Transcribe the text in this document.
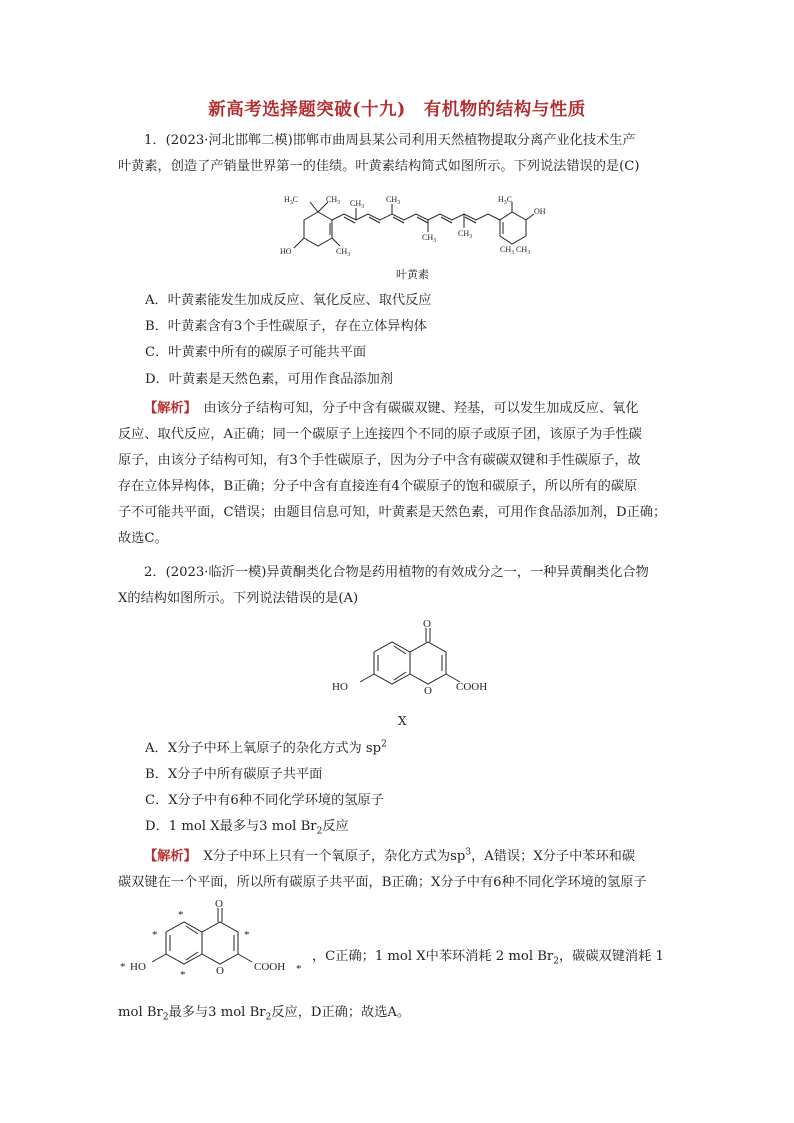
新高考选择题突破(十九)　有机物的结构与性质
1．(2023·河北邯郸二模)邯郸市曲周县某公司利用天然植物提取分离产业化技术生产
叶黄素，创造了产销量世界第一的佳绩。叶黄素结构简式如图所示。下列说法错误的是(C)
$H_3C$	$CH_3$ $CH_3$
$CH_3$
$CH_3$
$CH_3$
$H_3C$
OH
HO	$CH_3$
$CH_3$ $CH_3$
叶黄素
A．叶黄素能发生加成反应、氧化反应、取代反应
B．叶黄素含有3个手性碳原子，存在立体异构体
C．叶黄素中所有的碳原子可能共平面
D．叶黄素是天然色素，可用作食品添加剂
【解析】　由该分子结构可知，分子中含有碳碳双键、羟基，可以发生加成反应、氧化
反应、取代反应，A正确；同一个碳原子上连接四个不同的原子或原子团，该原子为手性碳
原子，由该分子结构可知，有3个手性碳原子，因为分子中含有碳碳双键和手性碳原子，故
存在立体异构体，B正确；分子中含有直接连有4个碳原子的饱和碳原子，所以所有的碳原
子不可能共平面，C错误；由题目信息可知，叶黄素是天然色素，可用作食品添加剂，D正确；
故选C。
2．(2023·临沂一模)异黄酮类化合物是药用植物的有效成分之一，一种异黄酮类化合物
X的结构如图所示。下列说法错误的是(A)
O
O
HO	COOH
X
A．X分子中环上氧原子的杂化方式为 $sp^2$
B．X分子中所有碳原子共平面
C．X分子中有6种不同化学环境的氢原子
D．1 mol X最多与3 mol $Br_2$反应
【解析】　X分子中环上只有一个氧原子，杂化方式为$sp^3$，A错误；X分子中苯环和碳
碳双键在一个平面，所以所有碳原子共平面，B正确；X分子中有6种不同化学环境的氢原子
O
O
HO	COOH
*
*
*
*
*	*
，C正确；1 mol X中苯环消耗 2 mol $Br_2$，碳碳双键消耗 1
mol $Br_2$最多与3 mol $Br_2$反应，D正确；故选A。
